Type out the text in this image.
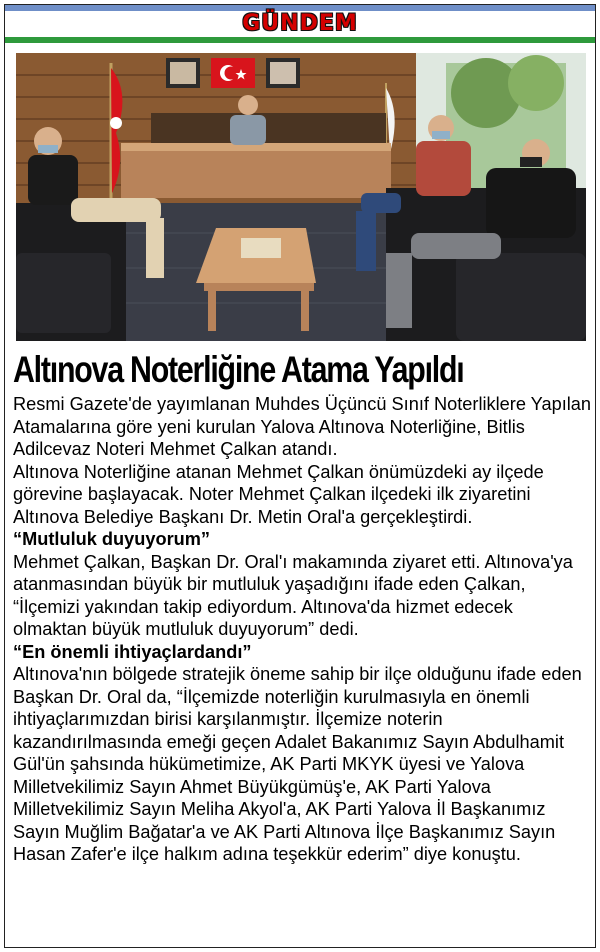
GÜNDEM
Altınova Noterliğine Atama Yapıldı

Resmi Gazete'de yayımlanan Muhdes Üçüncü Sınıf Noterliklere Yapılan Atamalarına göre yeni kurulan Yalova Altınova Noterliğine, Bitlis Adilcevaz Noteri Mehmet Çalkan atandı.

Altınova Noterliğine atanan Mehmet Çalkan önümüzdeki ay ilçede görevine başlayacak. Noter Mehmet Çalkan ilçedeki ilk ziyaretini Altınova Belediye Başkanı Dr. Metin Oral'a gerçekleştirdi.

“Mutluluk duyuyorum”

Mehmet Çalkan, Başkan Dr. Oral'ı makamında ziyaret etti. Altınova'ya atanmasından büyük bir mutluluk yaşadığını ifade eden Çalkan, “İlçemizi yakından takip ediyordum. Altınova'da hizmet edecek olmaktan büyük mutluluk duyuyorum” dedi.

“En önemli ihtiyaçlardandı”

Altınova'nın bölgede stratejik öneme sahip bir ilçe olduğunu ifade eden Başkan Dr. Oral da, “İlçemizde noterliğin kurulmasıyla en önemli ihtiyaçlarımızdan birisi karşılanmıştır. İlçemize noterin kazandırılmasında emeği geçen Adalet Bakanımız Sayın Abdulhamit Gül'ün şahsında hükümetimize, AK Parti MKYK üyesi ve Yalova Milletvekilimiz Sayın Ahmet Büyükgümüş'e, AK Parti Yalova Milletvekilimiz Sayın Meliha Akyol'a, AK Parti Yalova İl Başkanımız Sayın Muğlim Bağatar'a ve AK Parti Altınova İlçe Başkanımız Sayın Hasan Zafer'e ilçe halkım adına teşekkür ederim” diye konuştu.
